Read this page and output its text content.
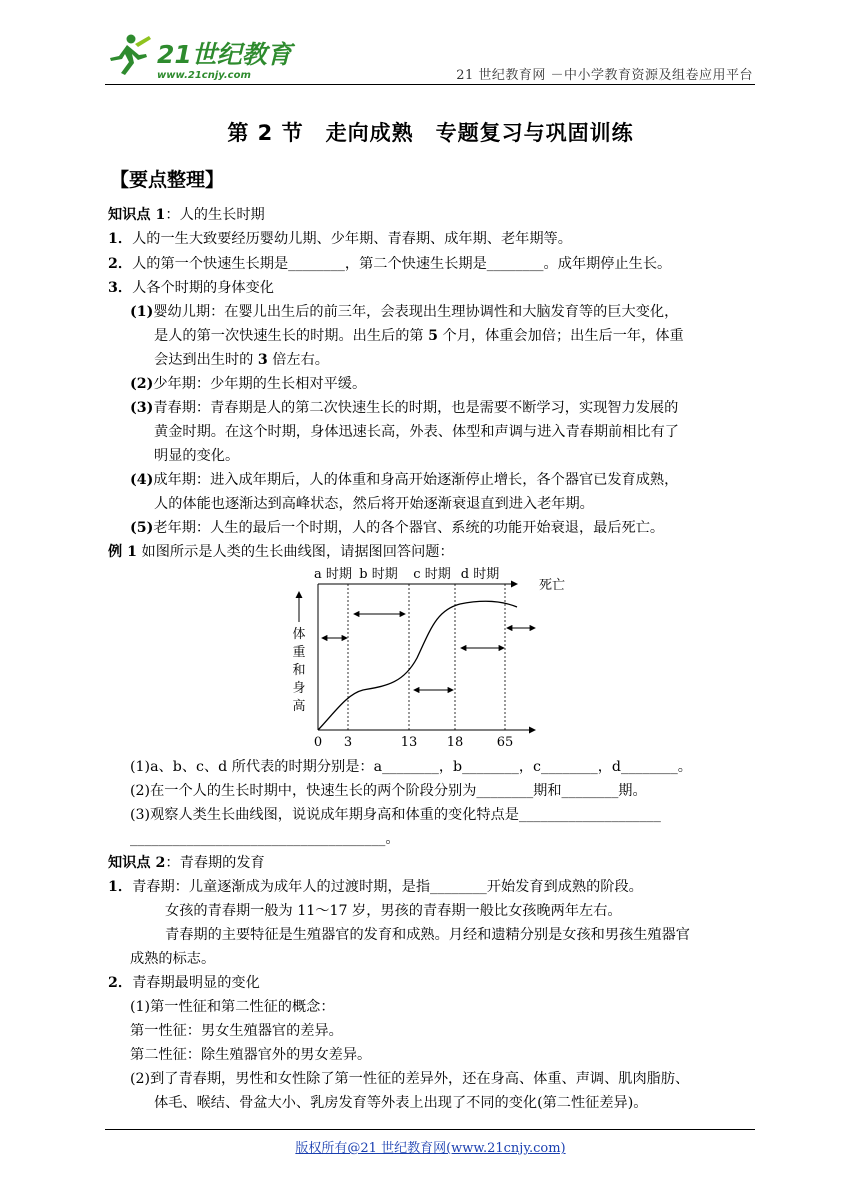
21世纪教育
www.21cnjy.com	21 世纪教育网 －中小学教育资源及组卷应用平台
第 2 节　走向成熟　专题复习与巩固训练
【要点整理】
知识点 1：人的生长时期
1．人的一生大致要经历婴幼儿期、少年期、青春期、成年期、老年期等。
2．人的第一个快速生长期是________，第二个快速生长期是________。成年期停止生长。
3．人各个时期的身体变化
(1)婴幼儿期：在婴儿出生后的前三年，会表现出生理协调性和大脑发育等的巨大变化，
是人的第一次快速生长的时期。出生后的第 5 个月，体重会加倍；出生后一年，体重
会达到出生时的 3 倍左右。
(2)少年期：少年期的生长相对平缓。
(3)青春期：青春期是人的第二次快速生长的时期，也是需要不断学习，实现智力发展的
黄金时期。在这个时期，身体迅速长高，外表、体型和声调与进入青春期前相比有了
明显的变化。
(4)成年期：进入成年期后，人的体重和身高开始逐渐停止增长，各个器官已发育成熟，
人的体能也逐渐达到高峰状态，然后将开始逐渐衰退直到进入老年期。
(5)老年期：人生的最后一个时期，人的各个器官、系统的功能开始衰退，最后死亡。
例 1 如图所示是人类的生长曲线图，请据图回答问题：
体
重
和
身
高
a 时期 b 时期 c 时期 d 时期
0 3	13 18	65
死亡
(1)a、b、c、d 所代表的时期分别是：a________，b________，c________，d________。
(2)在一个人的生长时期中，快速生长的两个阶段分别为________期和________期。
(3)观察人类生长曲线图，说说成年期身高和体重的变化特点是____________________
____________________________________。
知识点 2：青春期的发育
1．青春期：儿童逐渐成为成年人的过渡时期，是指________开始发育到成熟的阶段。
女孩的青春期一般为 11～17 岁，男孩的青春期一般比女孩晚两年左右。
青春期的主要特征是生殖器官的发育和成熟。月经和遗精分别是女孩和男孩生殖器官
成熟的标志。
2．青春期最明显的变化
(1)第一性征和第二性征的概念：
第一性征：男女生殖器官的差异。
第二性征：除生殖器官外的男女差异。
(2)到了青春期，男性和女性除了第一性征的差异外，还在身高、体重、声调、肌肉脂肪、
体毛、喉结、骨盆大小、乳房发育等外表上出现了不同的变化(第二性征差异)。
版权所有@21 世纪教育网(www.21cnjy.com)
